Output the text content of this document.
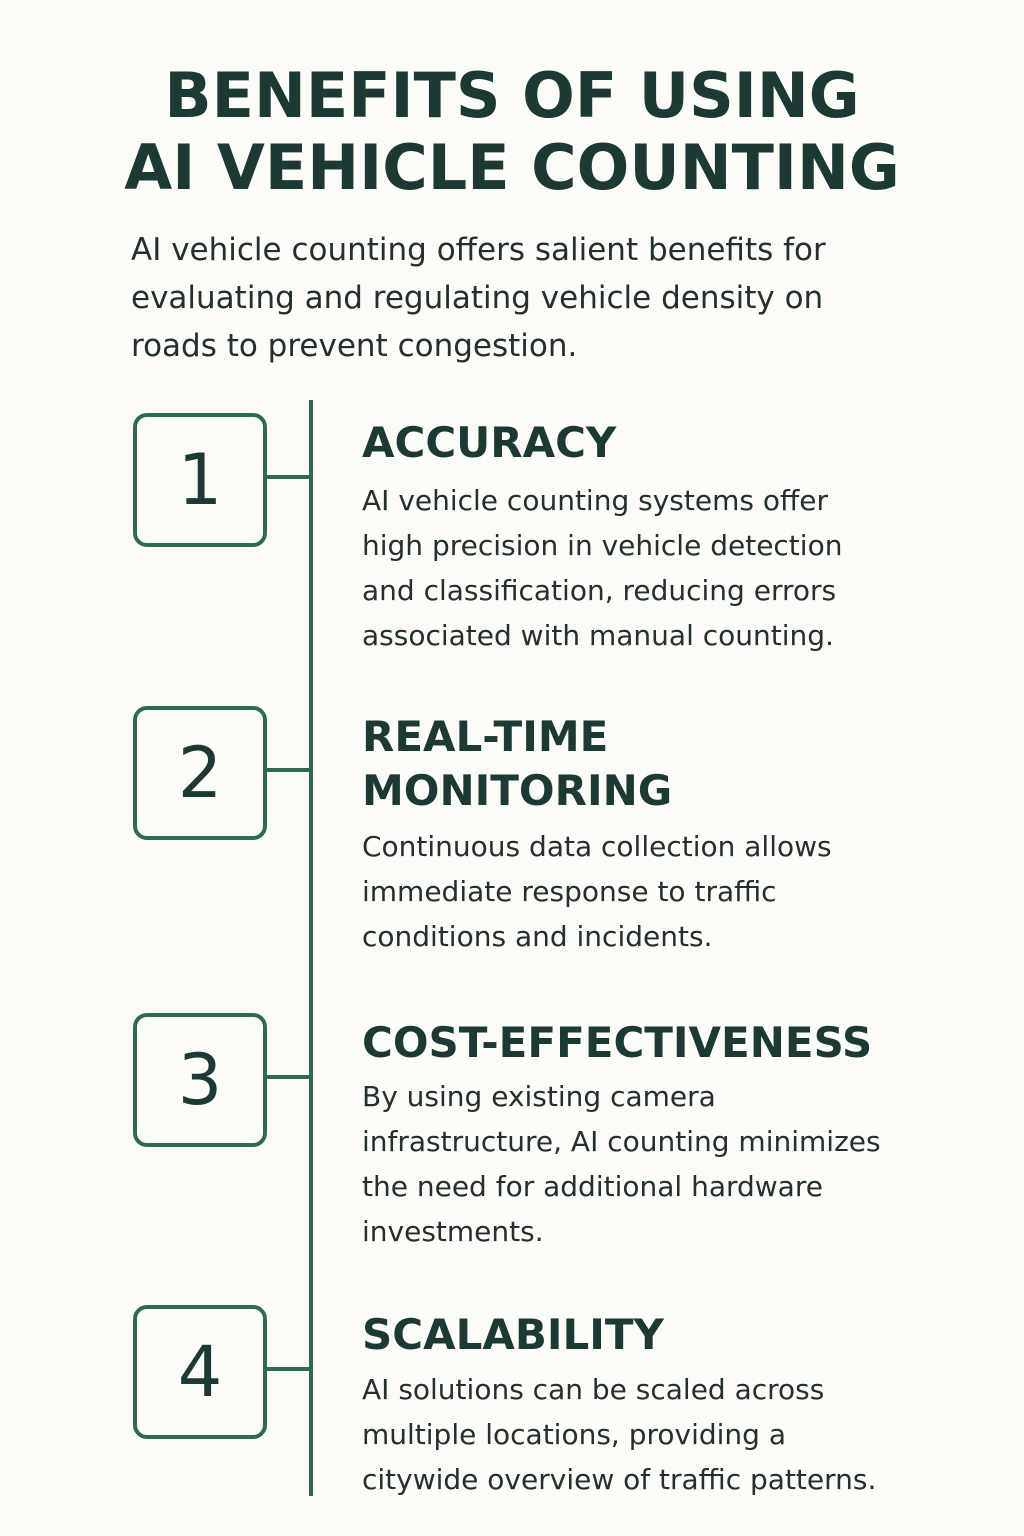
BENEFITS OF USING
AI VEHICLE COUNTING

AI vehicle counting offers salient benefits for
evaluating and regulating vehicle density on
roads to prevent congestion.

1	ACCURACY

AI vehicle counting systems offer
high precision in vehicle detection
and classification, reducing errors
associated with manual counting.

2	REAL-TIME
MONITORING

Continuous data collection allows
immediate response to traffic
conditions and incidents.

3	COST-EFFECTIVENESS

By using existing camera
infrastructure, AI counting minimizes
the need for additional hardware
investments.

4	SCALABILITY

AI solutions can be scaled across
multiple locations, providing a
citywide overview of traffic patterns.
